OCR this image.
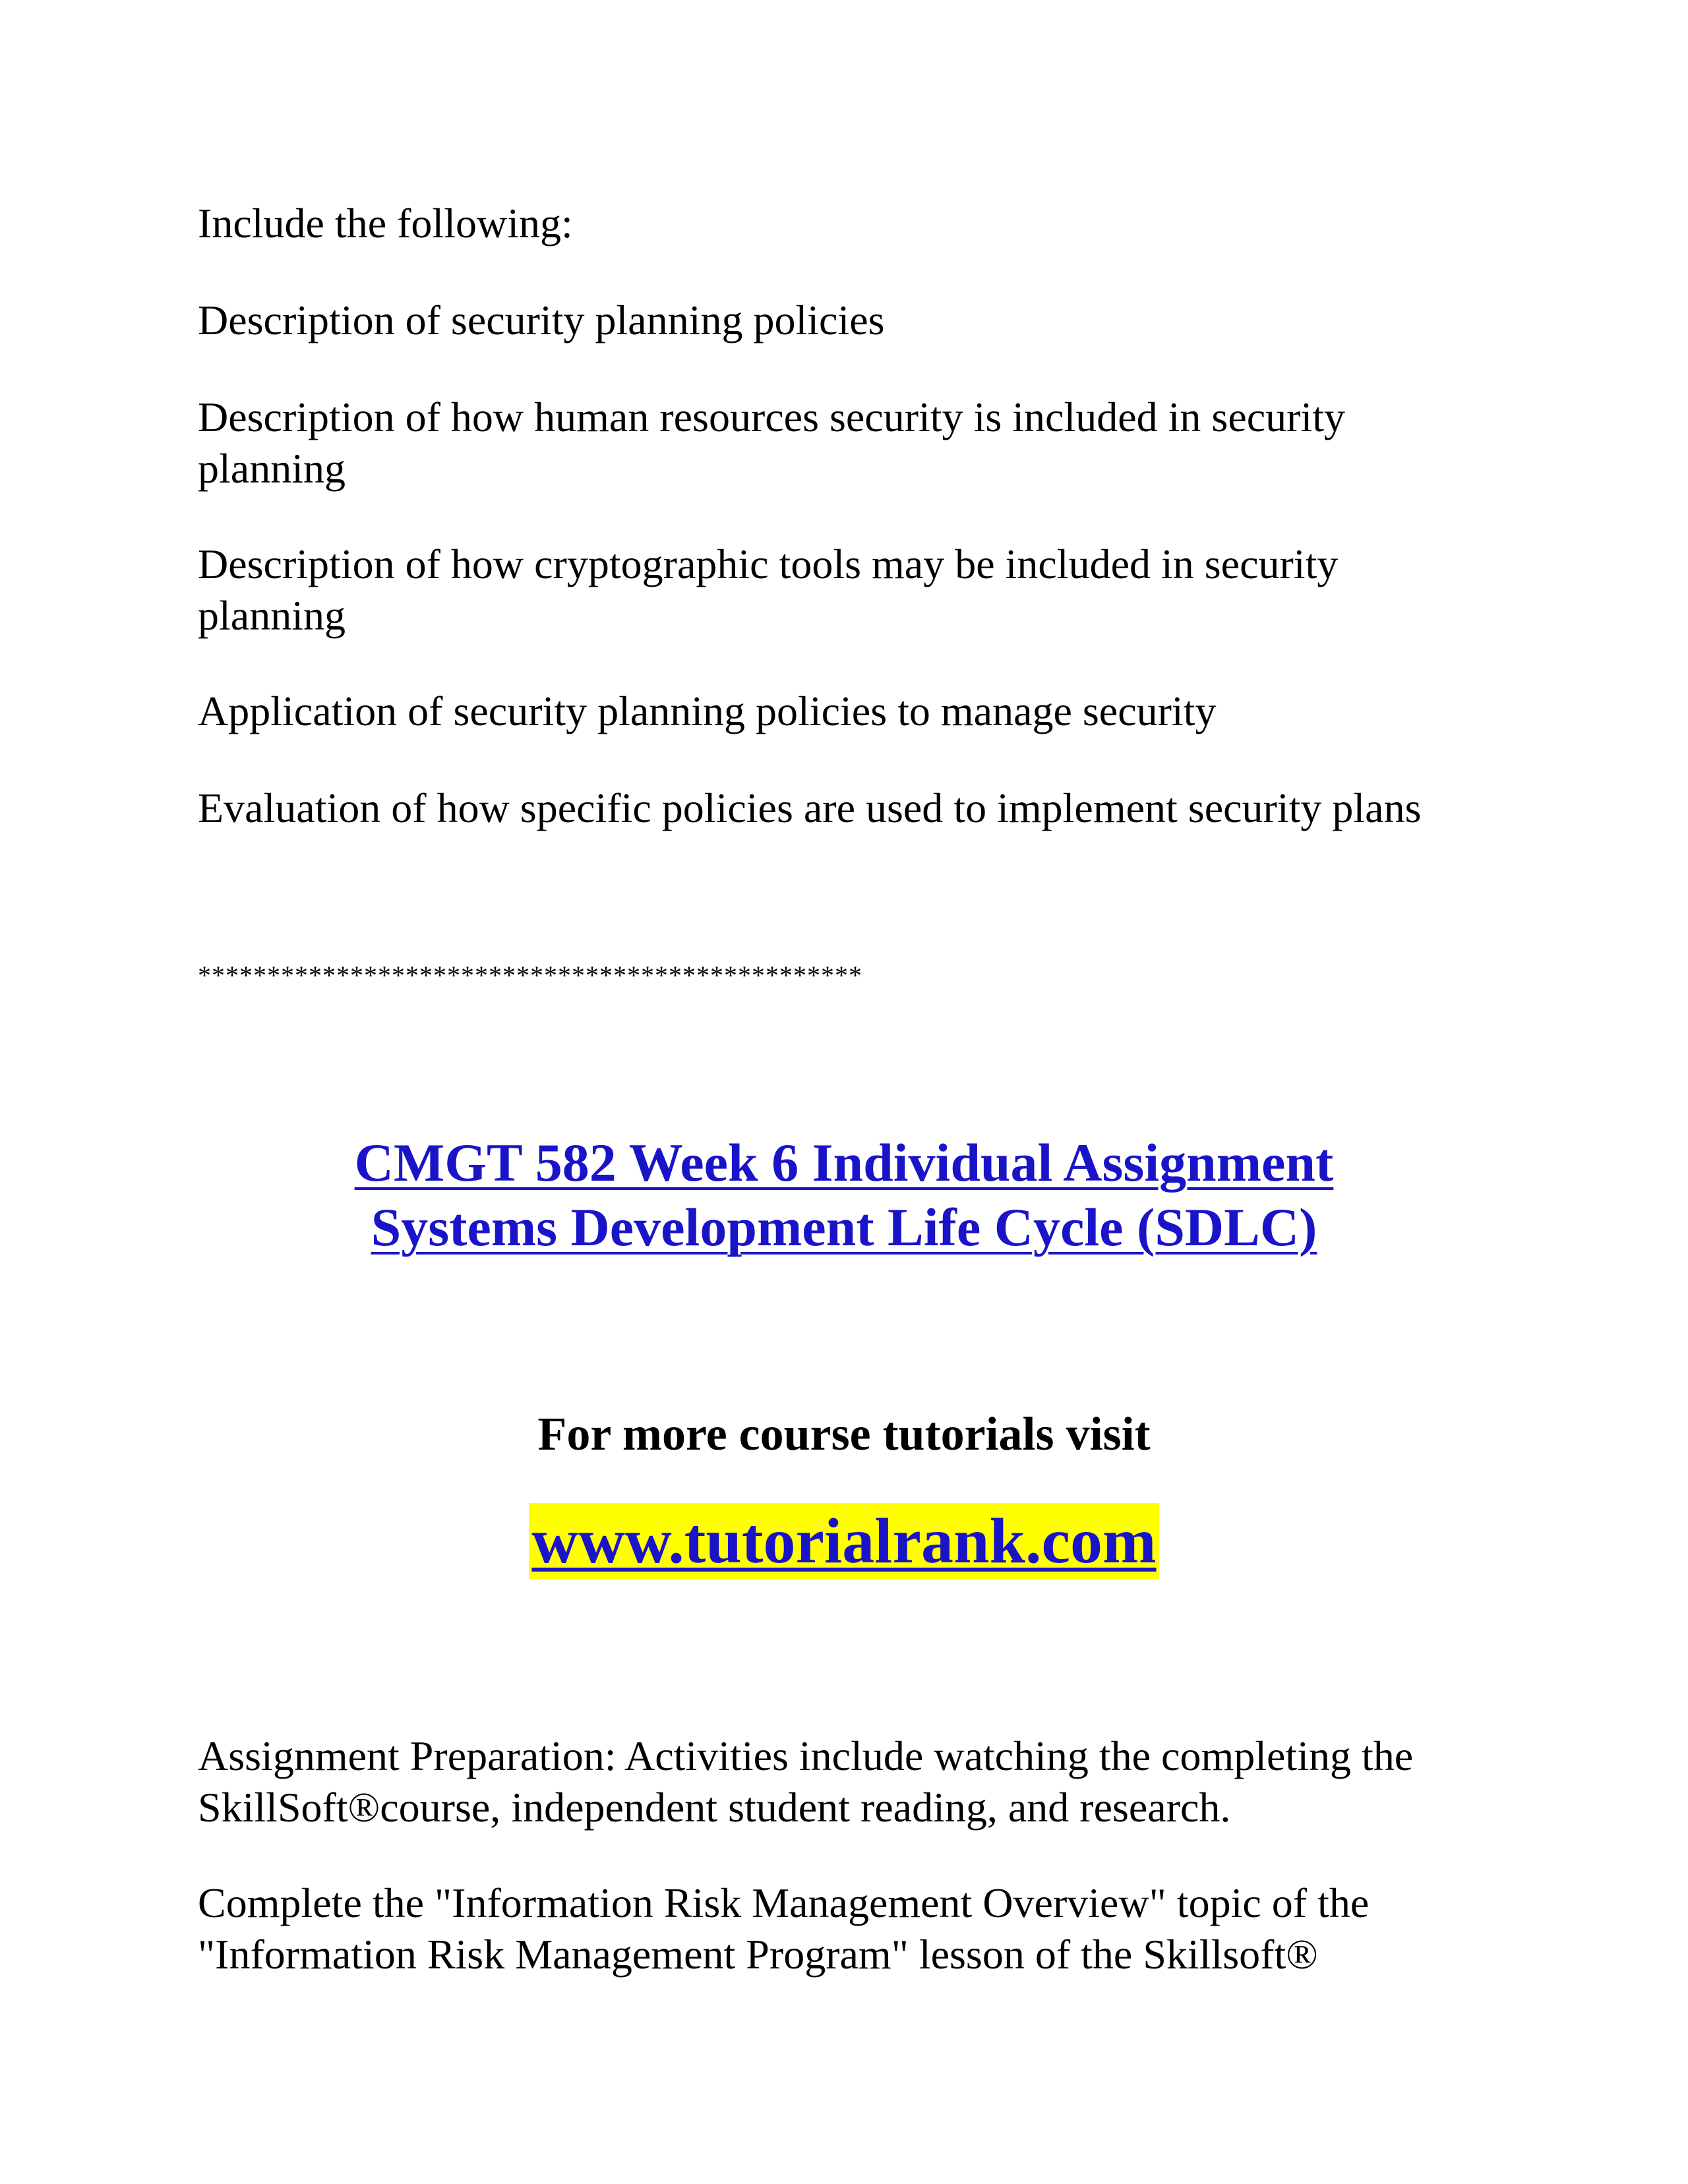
Include the following:

Description of security planning policies

Description of how human resources security is included in security planning

Description of how cryptographic tools may be included in security planning

Application of security planning policies to manage security

Evaluation of how specific policies are used to implement security plans

************************************************

CMGT 582 Week 6 Individual Assignment Systems Development Life Cycle (SDLC)

For more course tutorials visit

www.tutorialrank.com

Assignment Preparation: Activities include watching the completing the SkillSoft®course, independent student reading, and research.

Complete the "Information Risk Management Overview" topic of the "Information Risk Management Program" lesson of the Skillsoft®
